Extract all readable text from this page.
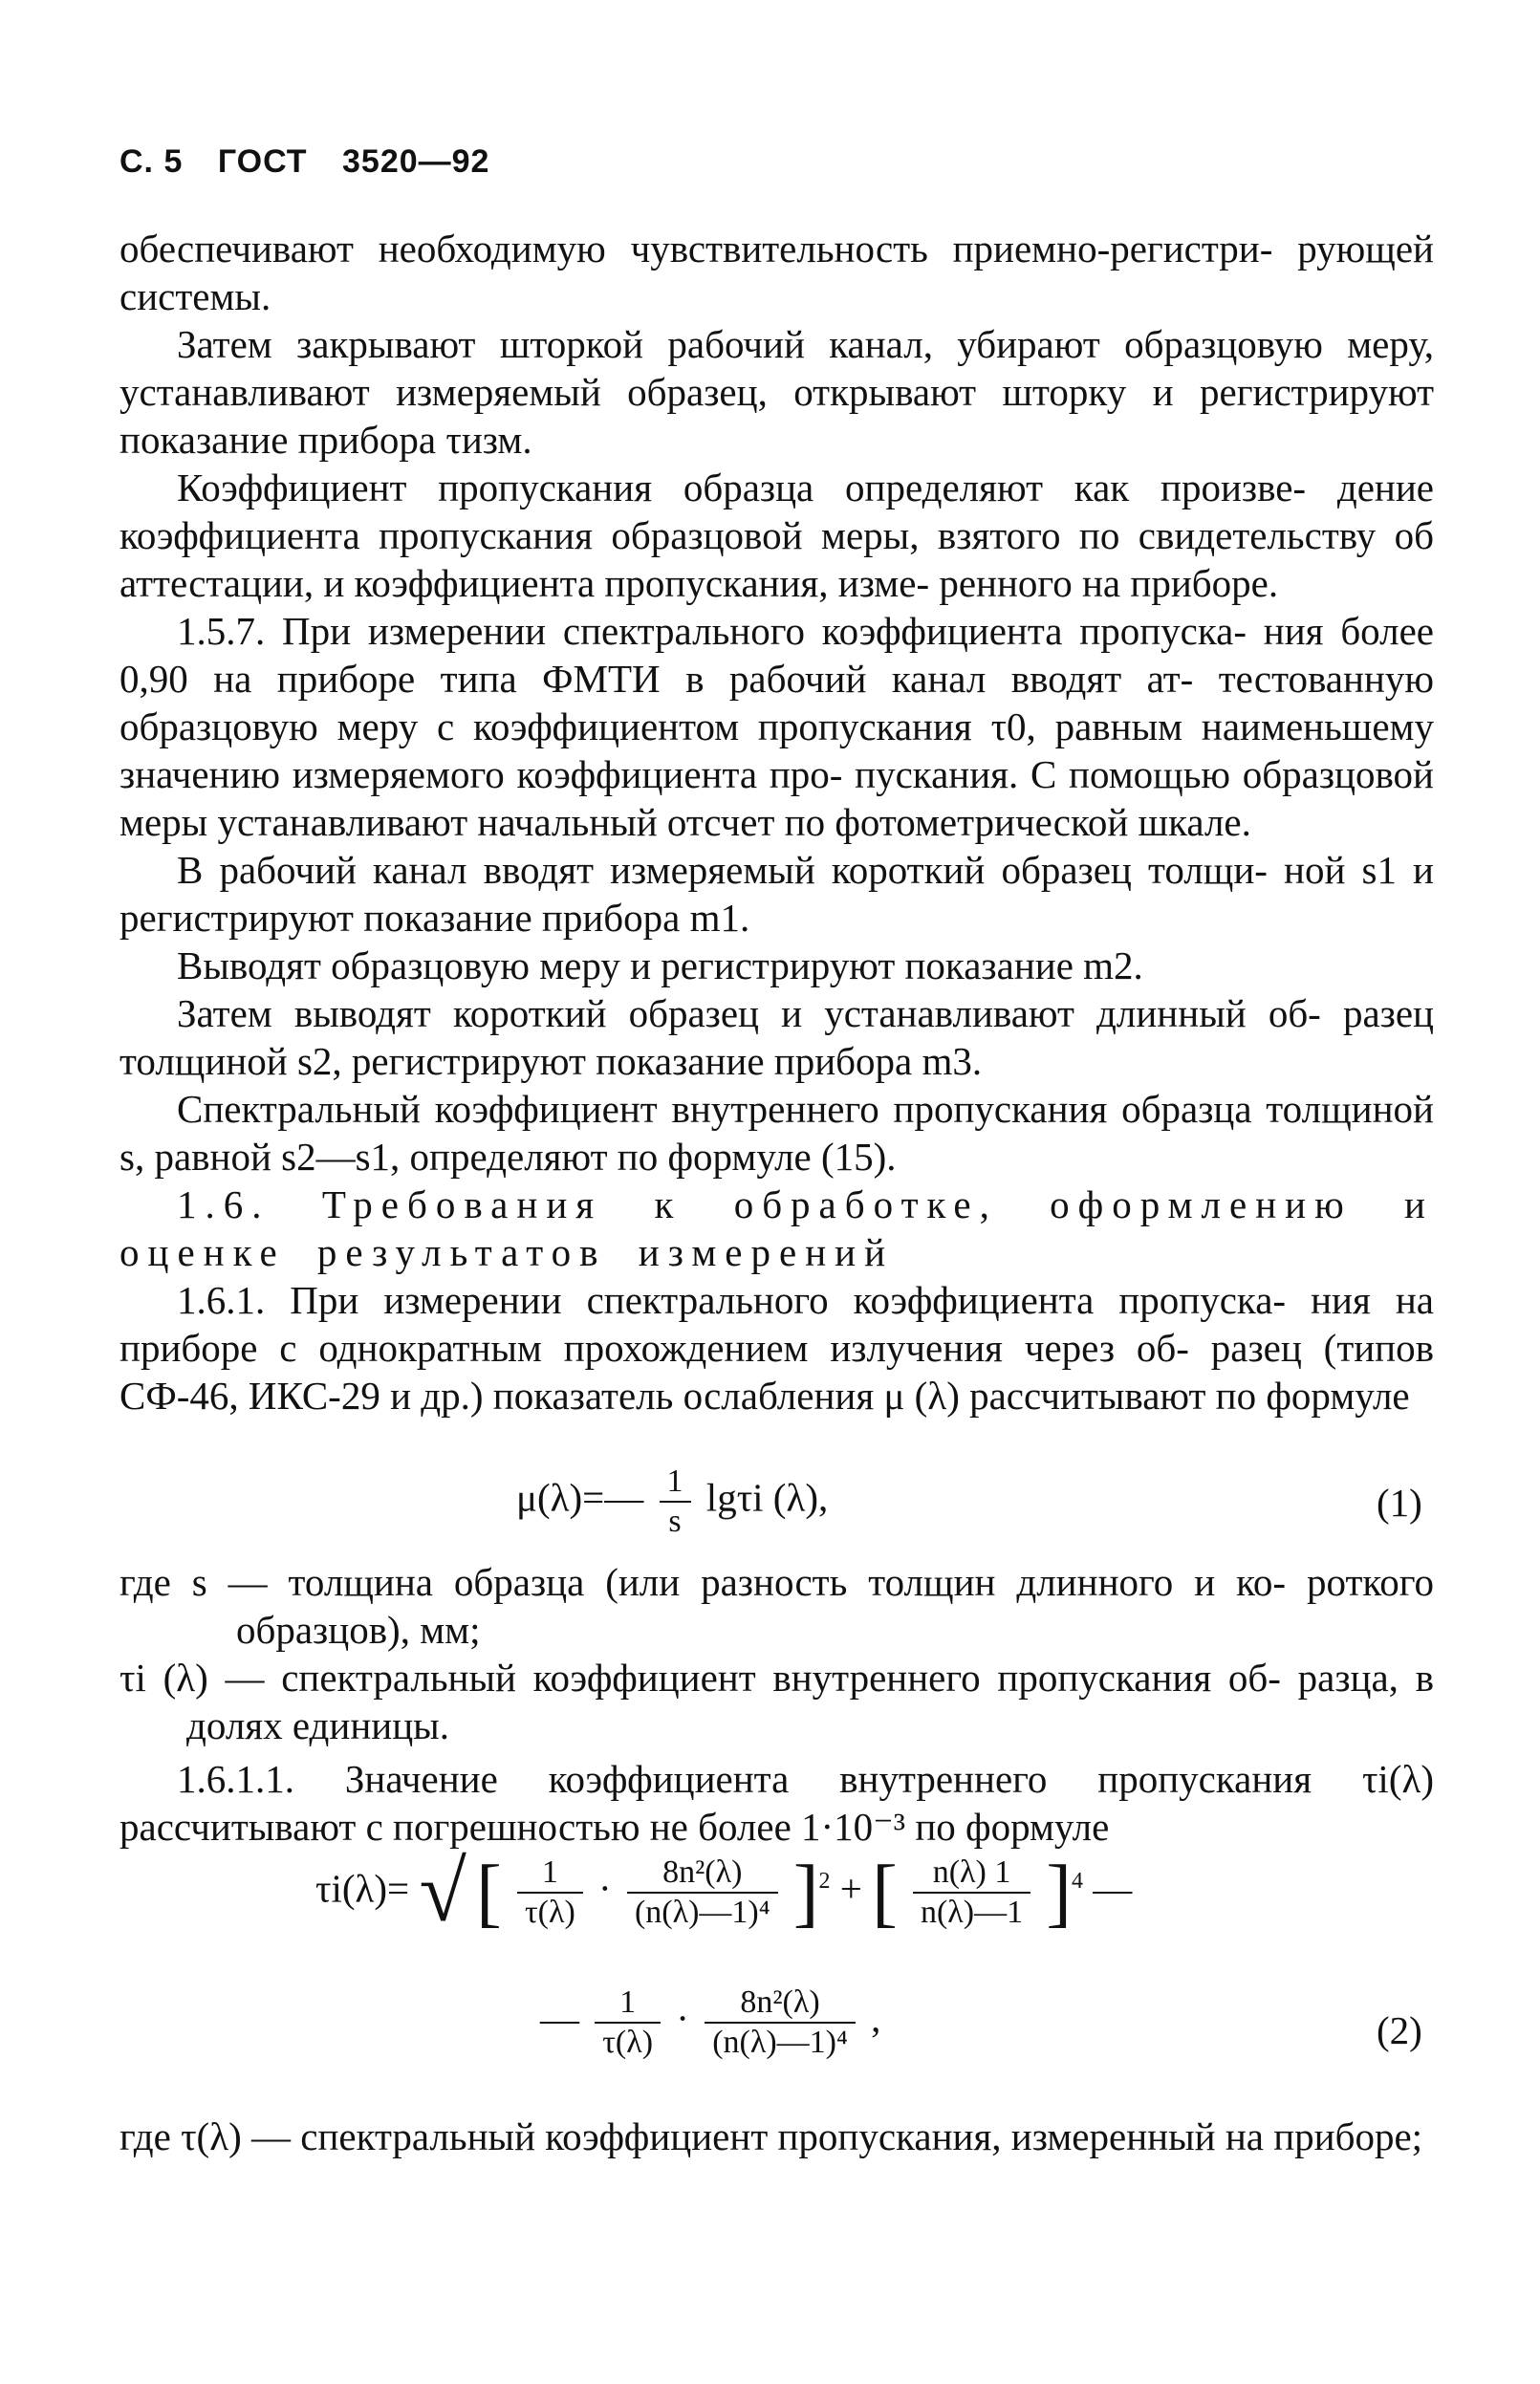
С. 5 ГОСТ 3520—92

обеспечивают необходимую чувствительность приемно-регистри- рующей системы.

Затем закрывают шторкой рабочий канал, убирают образцовую меру, устанавливают измеряемый образец, открывают шторку и регистрируют показание прибора τизм.

Коэффициент пропускания образца определяют как произве- дение коэффициента пропускания образцовой меры, взятого по свидетельству об аттестации, и коэффициента пропускания, изме- ренного на приборе.

1.5.7. При измерении спектрального коэффициента пропуска- ния более 0,90 на приборе типа ФМТИ в рабочий канал вводят ат- тестованную образцовую меру с коэффициентом пропускания τ0, равным наименьшему значению измеряемого коэффициента про- пускания. С помощью образцовой меры устанавливают начальный отсчет по фотометрической шкале.

В рабочий канал вводят измеряемый короткий образец толщи- ной s1 и регистрируют показание прибора m1.

Выводят образцовую меру и регистрируют показание m2.

Затем выводят короткий образец и устанавливают длинный об- разец толщиной s2, регистрируют показание прибора m3.

Спектральный коэффициент внутреннего пропускания образца толщиной s, равной s2—s1, определяют по формуле (15).

1.6. Требования к обработке, оформлению и оценке результатов измерений

1.6.1. При измерении спектрального коэффициента пропуска- ния на приборе с однократным прохождением излучения через об- разец (типов СФ-46, ИКС-29 и др.) показатель ослабления μ (λ) рассчитывают по формуле

μ(λ)=— $\frac{1}{s}$ lgτi (λ),	(1)

где s — толщина образца (или разность толщин длинного и ко- роткого образцов), мм;

τi (λ) — спектральный коэффициент внутреннего пропускания об- разца, в долях единицы.

1.6.1.1. Значение коэффициента внутреннего пропускания τi(λ) рассчитывают с погрешностью не более 1·10⁻³ по формуле

τi(λ)= √ [ $\frac{1}{\tau(\lambda)} \cdot \frac{\text{8n²(λ)}}{\text{(n(λ)—1)⁴}} ]^2$ + [ $\frac{n(\lambda) 1}{n(\lambda)—1} ]^4$ —
— $\frac{1}{\tau(\lambda)} \cdot \frac{\text{8n²(λ)}}{\text{(n(λ)—1)⁴}}$ ,	(2)

где τ(λ) — спектральный коэффициент пропускания, измеренный на приборе;
